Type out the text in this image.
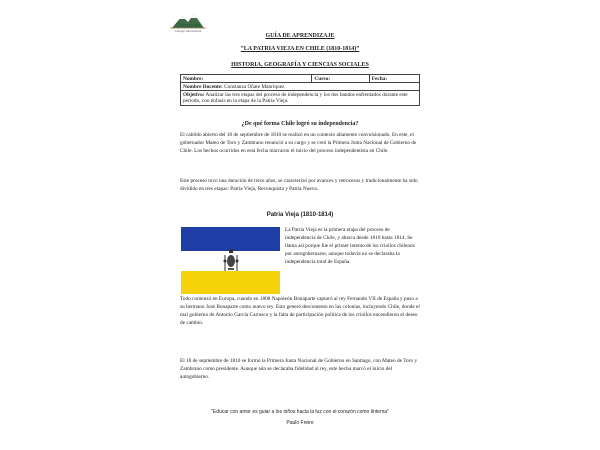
Chomonte
Colegio Santa Rosa
GUÍA DE APRENDIZAJE
“LA PATRIA VIEJA EN CHILE (1810-1814)”
HISTORIA, GEOGRAFÍA Y CIENCIAS SOCIALES
Nombre:	Curso:	Fecha:
Nombre Docente: Constanza Oñate Manríquez
Objetivo: Analizar las tres etapas del proceso de independencia y los dos bandos enfrentados durante este periodo, con énfasis en la etapa de la Patria Vieja.
¿De qué forma Chile logró su independencia?

El cabildo abierto del 18 de septiembre de 1810 se realizó en un contexto altamente convulsionado. En este, el gobernador Mateo de Toro y Zambrano renunció a su cargo y se creó la Primera Junta Nacional de Gobierno de Chile. Los hechos ocurridos en esta fecha marcaron el inicio del proceso independentista en Chile.

Este proceso tuvo una duración de trece años, se caracterizó por avances y retrocesos y tradicionalmente ha sido dividido en tres etapas: Patria Vieja, Reconquista y Patria Nueva.

Patria Vieja (1810-1814)

La Patria Vieja es la primera etapa del proceso de independencia de Chile, y abarca desde 1810 hasta 1814. Se llama así porque fue el primer intento de los criollos chilenos por autogobernarse, aunque todavía no se declaraba la independencia total de España.

Todo comenzó en Europa, cuando en 1808 Napoleón Bonaparte capturó al rey Fernando VII de España y puso a su hermano José Bonaparte como nuevo rey. Esto generó descontento en las colonias, incluyendo Chile, donde el mal gobierno de Antonio García Carrasco y la falta de participación política de los criollos encendieron el deseo de cambio.

El 18 de septiembre de 1810 se formó la Primera Junta Nacional de Gobierno en Santiago, con Mateo de Toro y Zambrano como presidente. Aunque aún se declaraba fidelidad al rey, este hecho marcó el inicio del autogobierno.

“Educar con amor es guiar a los niños hacia la luz con el corazón como linterna”
Paulo Freire
